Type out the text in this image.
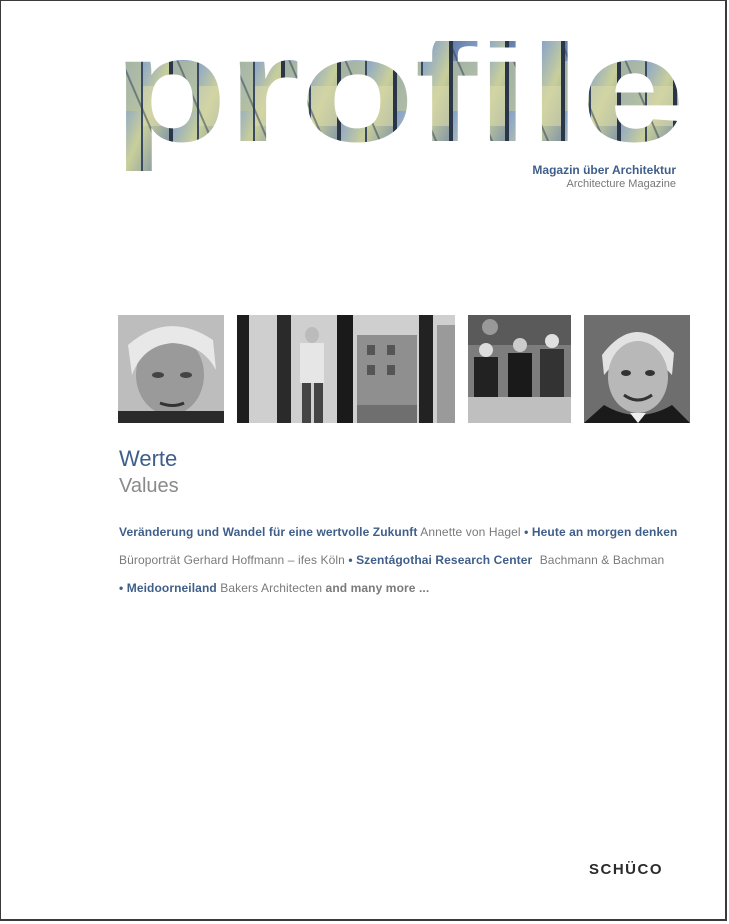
Magazin über Architektur
Architecture Magazine
Werte
Values
Veränderung und Wandel für eine wertvolle Zukunft Annette von Hagel • Heute an morgen denken
Büroporträt Gerhard Hoffmann – ifes Köln • Szentágothai Research Center Bachmann & Bachman
• Meidoorneiland Bakers Architecten and many more ...
SCHÜCO
